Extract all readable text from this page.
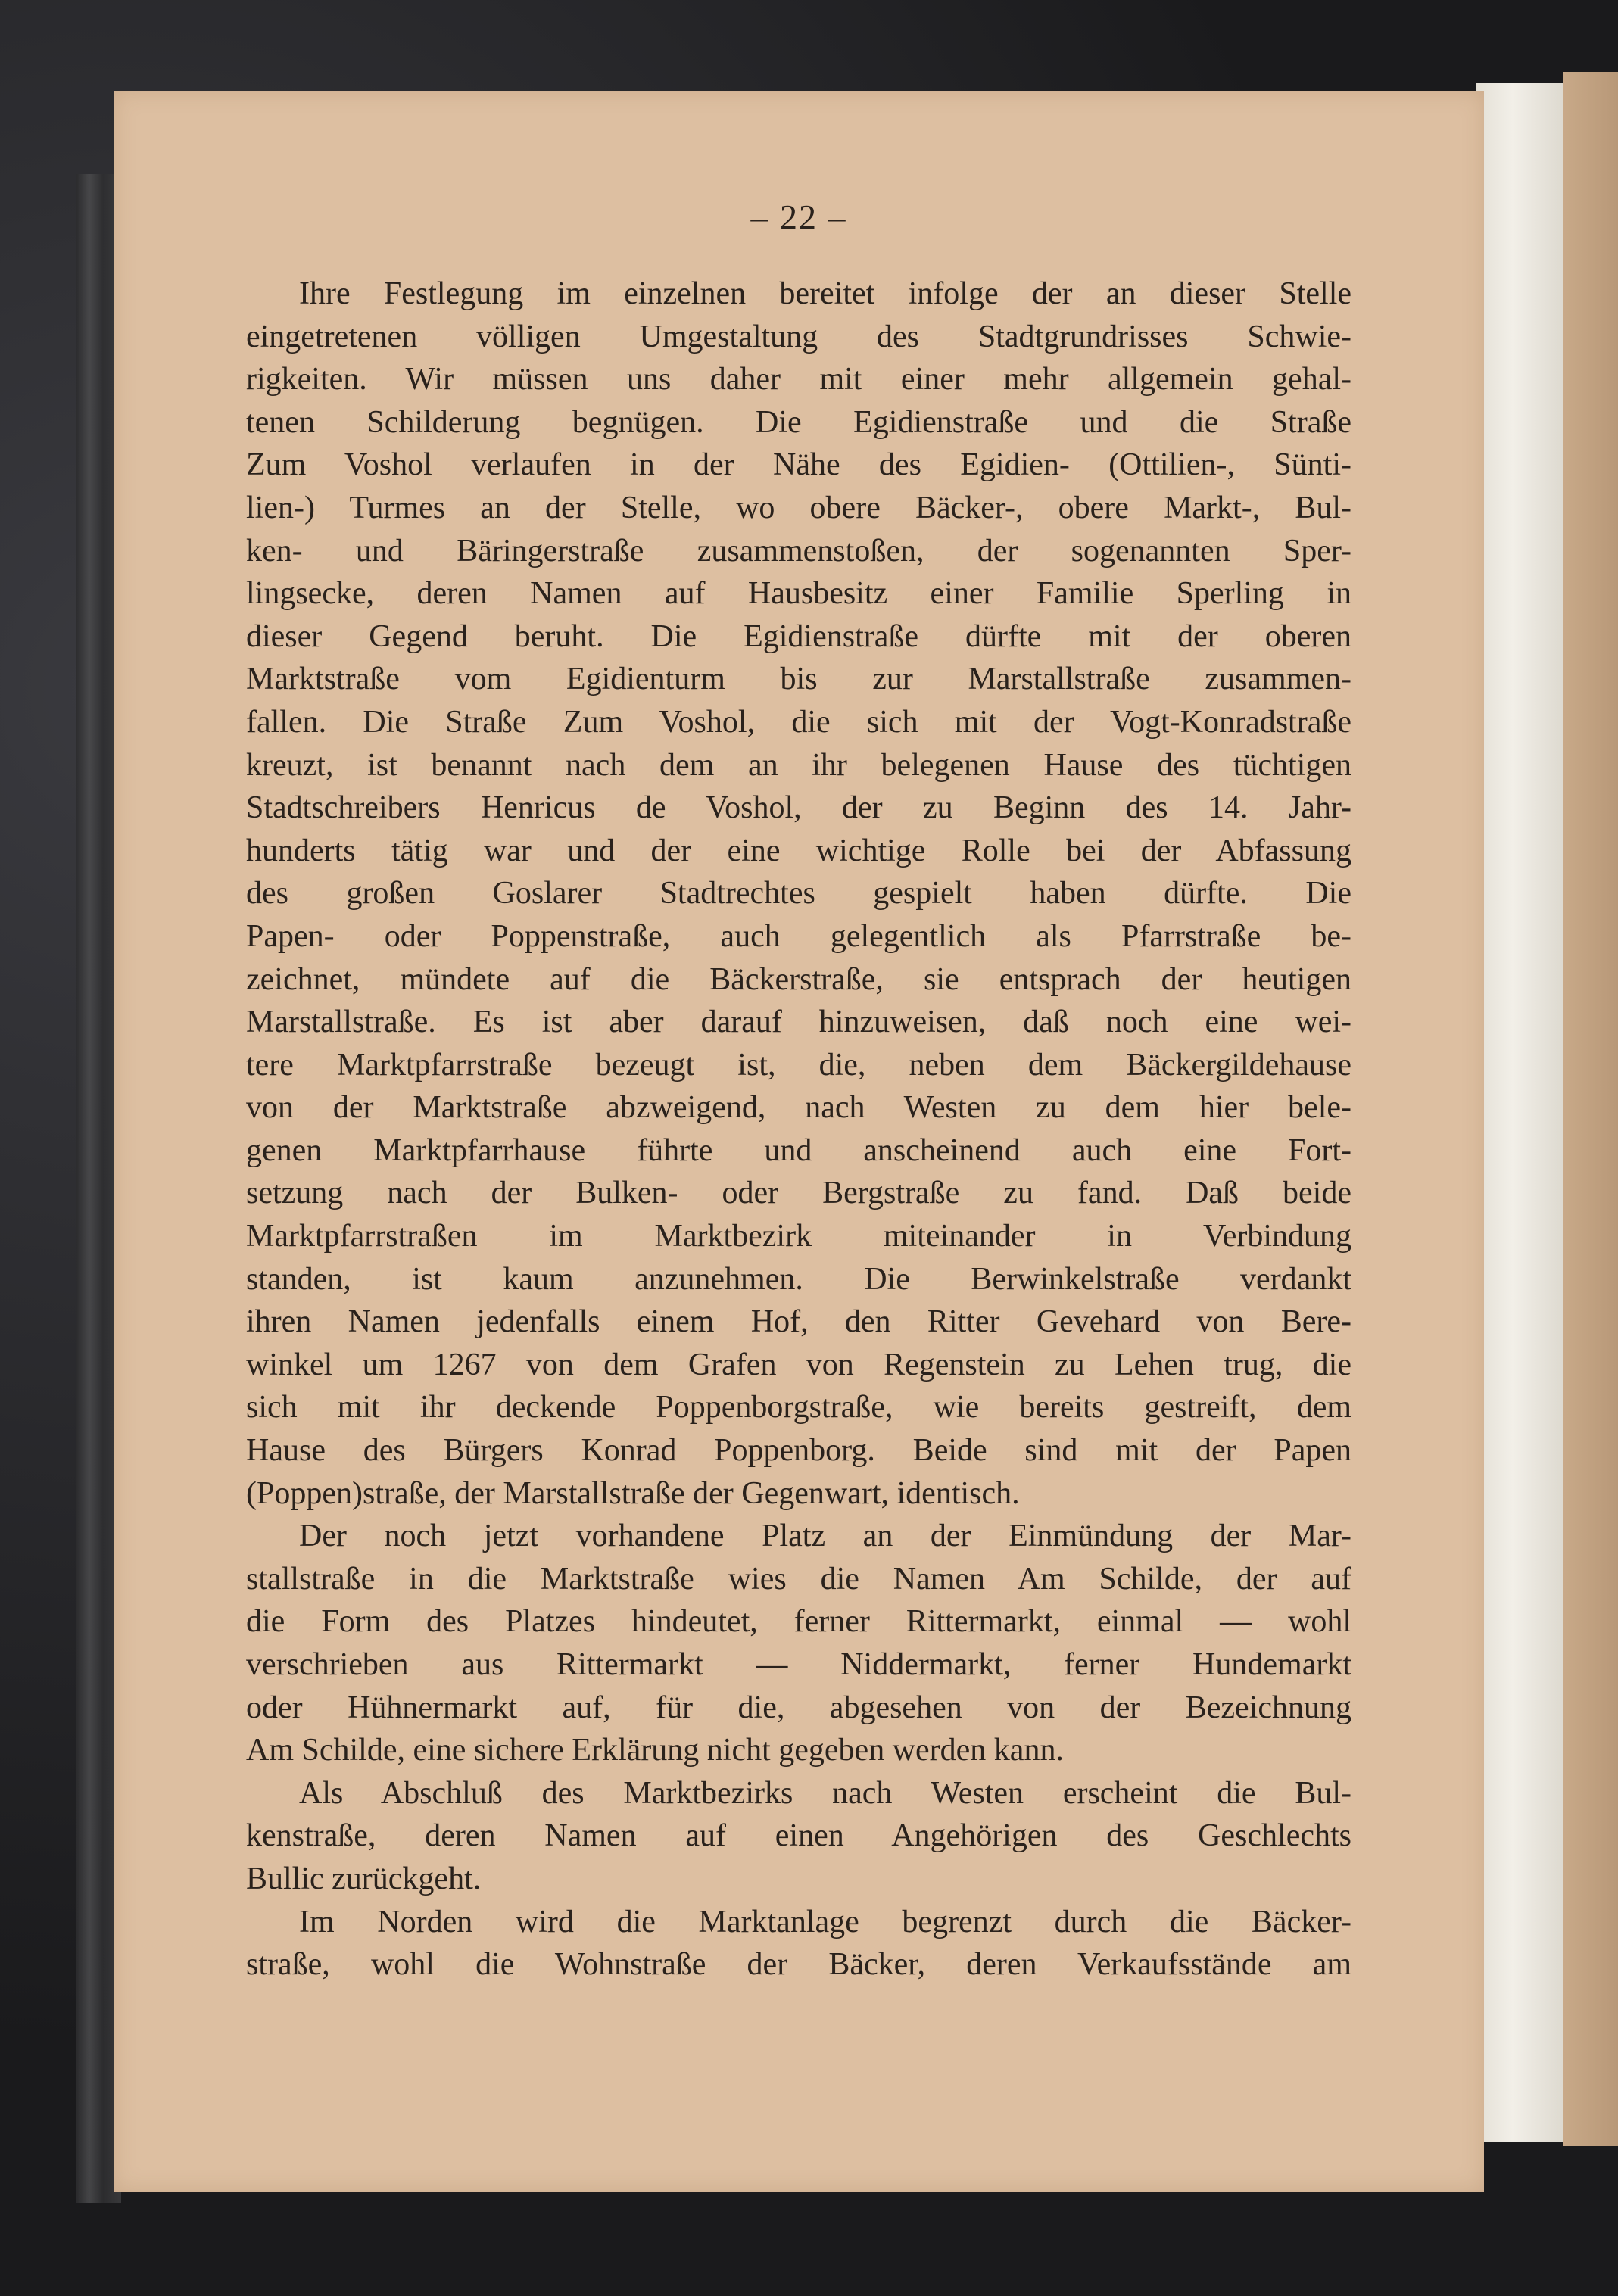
– 22 –
Ihre Festlegung im einzelnen bereitet infolge der an dieser Stelle
eingetretenen völligen Umgestaltung des Stadtgrundrisses Schwie-
rigkeiten. Wir müssen uns daher mit einer mehr allgemein gehal-
tenen Schilderung begnügen. Die Egidienstraße und die Straße
Zum Voshol verlaufen in der Nähe des Egidien- (Ottilien-, Sünti-
lien-) Turmes an der Stelle, wo obere Bäcker-, obere Markt-, Bul-
ken- und Bäringerstraße zusammenstoßen, der sogenannten Sper-
lingsecke, deren Namen auf Hausbesitz einer Familie Sperling in
dieser Gegend beruht. Die Egidienstraße dürfte mit der oberen
Marktstraße vom Egidienturm bis zur Marstallstraße zusammen-
fallen. Die Straße Zum Voshol, die sich mit der Vogt-Konradstraße
kreuzt, ist benannt nach dem an ihr belegenen Hause des tüchtigen
Stadtschreibers Henricus de Voshol, der zu Beginn des 14. Jahr-
hunderts tätig war und der eine wichtige Rolle bei der Abfassung
des großen Goslarer Stadtrechtes gespielt haben dürfte. Die
Papen- oder Poppenstraße, auch gelegentlich als Pfarrstraße be-
zeichnet, mündete auf die Bäckerstraße, sie entsprach der heutigen
Marstallstraße. Es ist aber darauf hinzuweisen, daß noch eine wei-
tere Marktpfarrstraße bezeugt ist, die, neben dem Bäckergildehause
von der Marktstraße abzweigend, nach Westen zu dem hier bele-
genen Marktpfarrhause führte und anscheinend auch eine Fort-
setzung nach der Bulken- oder Bergstraße zu fand. Daß beide
Marktpfarrstraßen im Marktbezirk miteinander in Verbindung
standen, ist kaum anzunehmen. Die Berwinkelstraße verdankt
ihren Namen jedenfalls einem Hof, den Ritter Gevehard von Bere-
winkel um 1267 von dem Grafen von Regenstein zu Lehen trug, die
sich mit ihr deckende Poppenborgstraße, wie bereits gestreift, dem
Hause des Bürgers Konrad Poppenborg. Beide sind mit der Papen
(Poppen)straße, der Marstallstraße der Gegenwart, identisch.
Der noch jetzt vorhandene Platz an der Einmündung der Mar-
stallstraße in die Marktstraße wies die Namen Am Schilde, der auf
die Form des Platzes hindeutet, ferner Rittermarkt, einmal — wohl
verschrieben aus Rittermarkt — Niddermarkt, ferner Hundemarkt
oder Hühnermarkt auf, für die, abgesehen von der Bezeichnung
Am Schilde, eine sichere Erklärung nicht gegeben werden kann.
Als Abschluß des Marktbezirks nach Westen erscheint die Bul-
kenstraße, deren Namen auf einen Angehörigen des Geschlechts
Bullic zurückgeht.
Im Norden wird die Marktanlage begrenzt durch die Bäcker-
straße, wohl die Wohnstraße der Bäcker, deren Verkaufsstände am
